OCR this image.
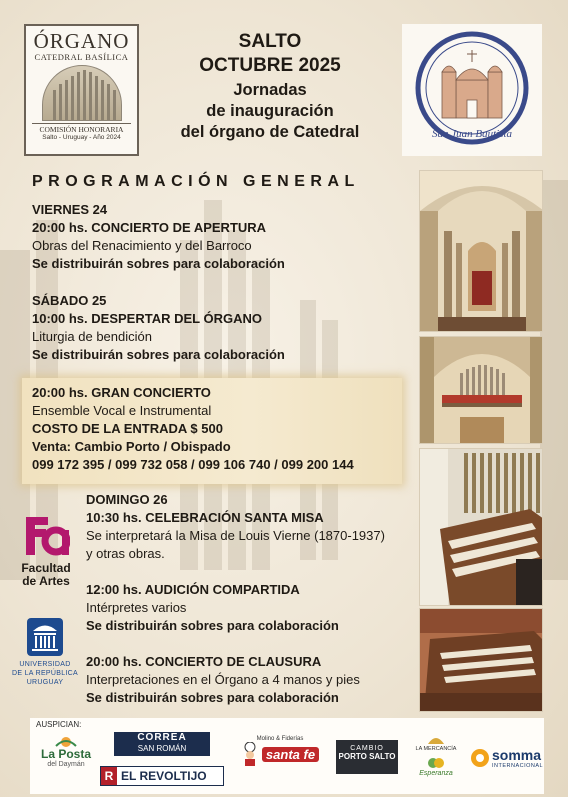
ÓRGANO
CATEDRAL BASÍLICA
COMISIÓN HONORARIA
Salto - Uruguay - Año 2024
SALTO
OCTUBRE 2025
Jornadas
de inauguración
del órgano de Catedral	San Juan Bautista
PROGRAMACIÓN GENERAL
VIERNES 24
20:00 hs. CONCIERTO DE APERTURA
Obras del Renacimiento y del Barroco
Se distribuirán sobres para colaboración
SÁBADO 25
10:00 hs. DESPERTAR DEL ÓRGANO
Liturgia de bendición
Se distribuirán sobres para colaboración
20:00 hs. GRAN CONCIERTO
Ensemble Vocal e Instrumental
COSTO DE LA ENTRADA $ 500
Venta: Cambio Porto / Obispado
099 172 395 / 099 732 058 / 099 106 740 / 099 200 144
DOMINGO 26
10:30 hs. CELEBRACIÓN SANTA MISA
Se interpretará la Misa de Louis Vierne (1870-1937)
y otras obras.
12:00 hs. AUDICIÓN COMPARTIDA
Intérpretes varios
Se distribuirán sobres para colaboración
20:00 hs. CONCIERTO DE CLAUSURA
Interpretaciones en el Órgano a 4 manos y pies
Se distribuirán sobres para colaboración
Facultad
de Artes
UNIVERSIDAD
DE LA REPÚBLICA
URUGUAY
AUSPICIAN:
La Posta
del Daymán
CORREA
SAN ROMÁN
R EL REVOLTIJO
Molino & Fiderías
santa fe	CAMBIO
PORTO SALTO
LA MERCANCÍA
Esperanza
somma
INTERNACIONAL
